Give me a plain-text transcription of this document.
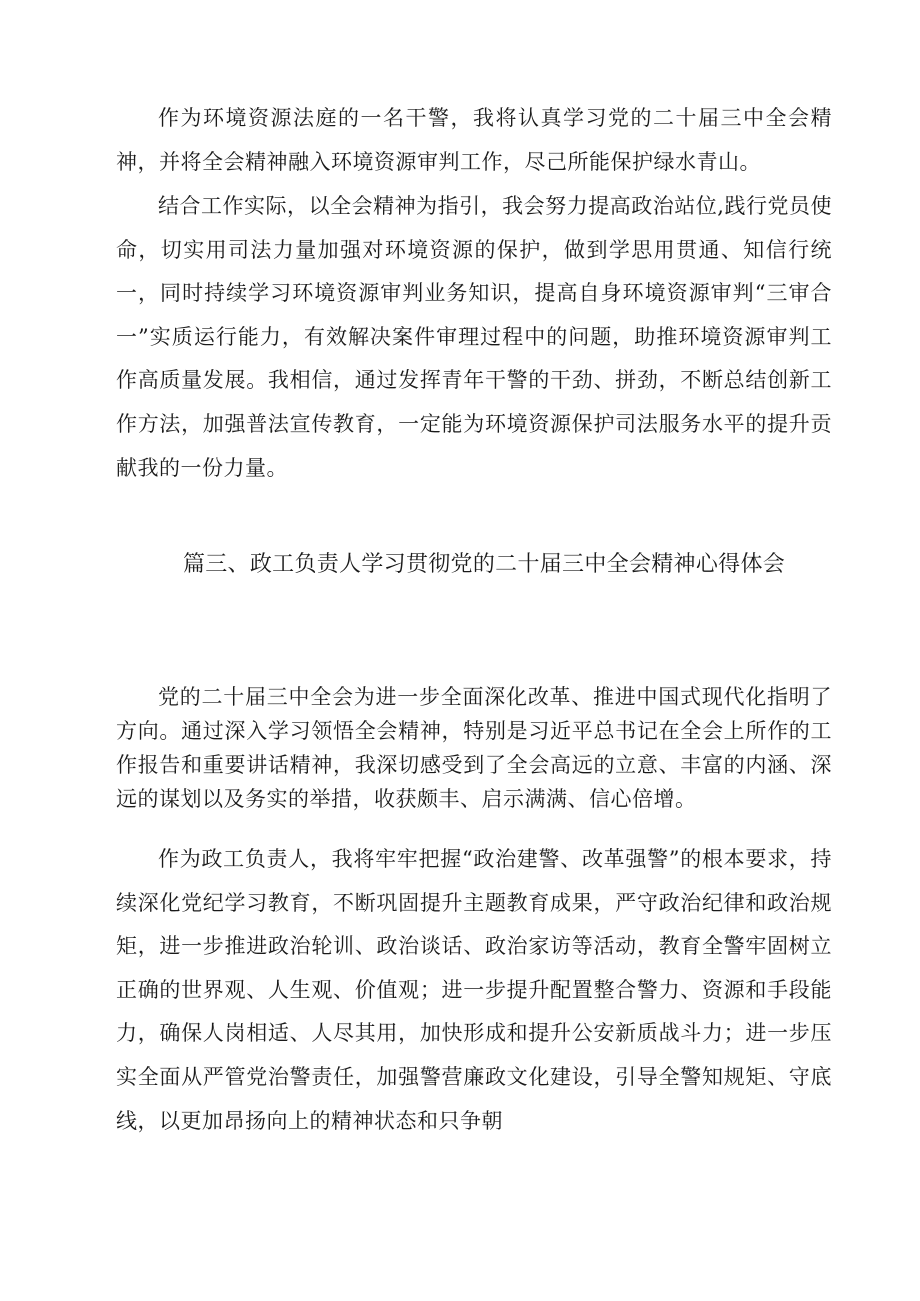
作为环境资源法庭的一名干警，我将认真学习党的二十届三中全会精神，并将全会精神融入环境资源审判工作，尽己所能保护绿水青山。

结合工作实际，以全会精神为指引，我会努力提高政治站位,践行党员使命，切实用司法力量加强对环境资源的保护，做到学思用贯通、知信行统一，同时持续学习环境资源审判业务知识，提高自身环境资源审判“三审合一”实质运行能力，有效解决案件审理过程中的问题，助推环境资源审判工作高质量发展。我相信，通过发挥青年干警的干劲、拼劲，不断总结创新工作方法，加强普法宣传教育，一定能为环境资源保护司法服务水平的提升贡献我的一份力量。

篇三、政工负责人学习贯彻党的二十届三中全会精神心得体会

党的二十届三中全会为进一步全面深化改革、推进中国式现代化指明了方向。通过深入学习领悟全会精神，特别是习近平总书记在全会上所作的工作报告和重要讲话精神，我深切感受到了全会高远的立意、丰富的内涵、深远的谋划以及务实的举措，收获颇丰、启示满满、信心倍增。

作为政工负责人，我将牢牢把握“政治建警、改革强警”的根本要求，持续深化党纪学习教育，不断巩固提升主题教育成果，严守政治纪律和政治规矩，进一步推进政治轮训、政治谈话、政治家访等活动，教育全警牢固树立正确的世界观、人生观、价值观；进一步提升配置整合警力、资源和手段能力，确保人岗相适、人尽其用，加快形成和提升公安新质战斗力；进一步压实全面从严管党治警责任，加强警营廉政文化建设，引导全警知规矩、守底线，以更加昂扬向上的精神状态和只争朝
